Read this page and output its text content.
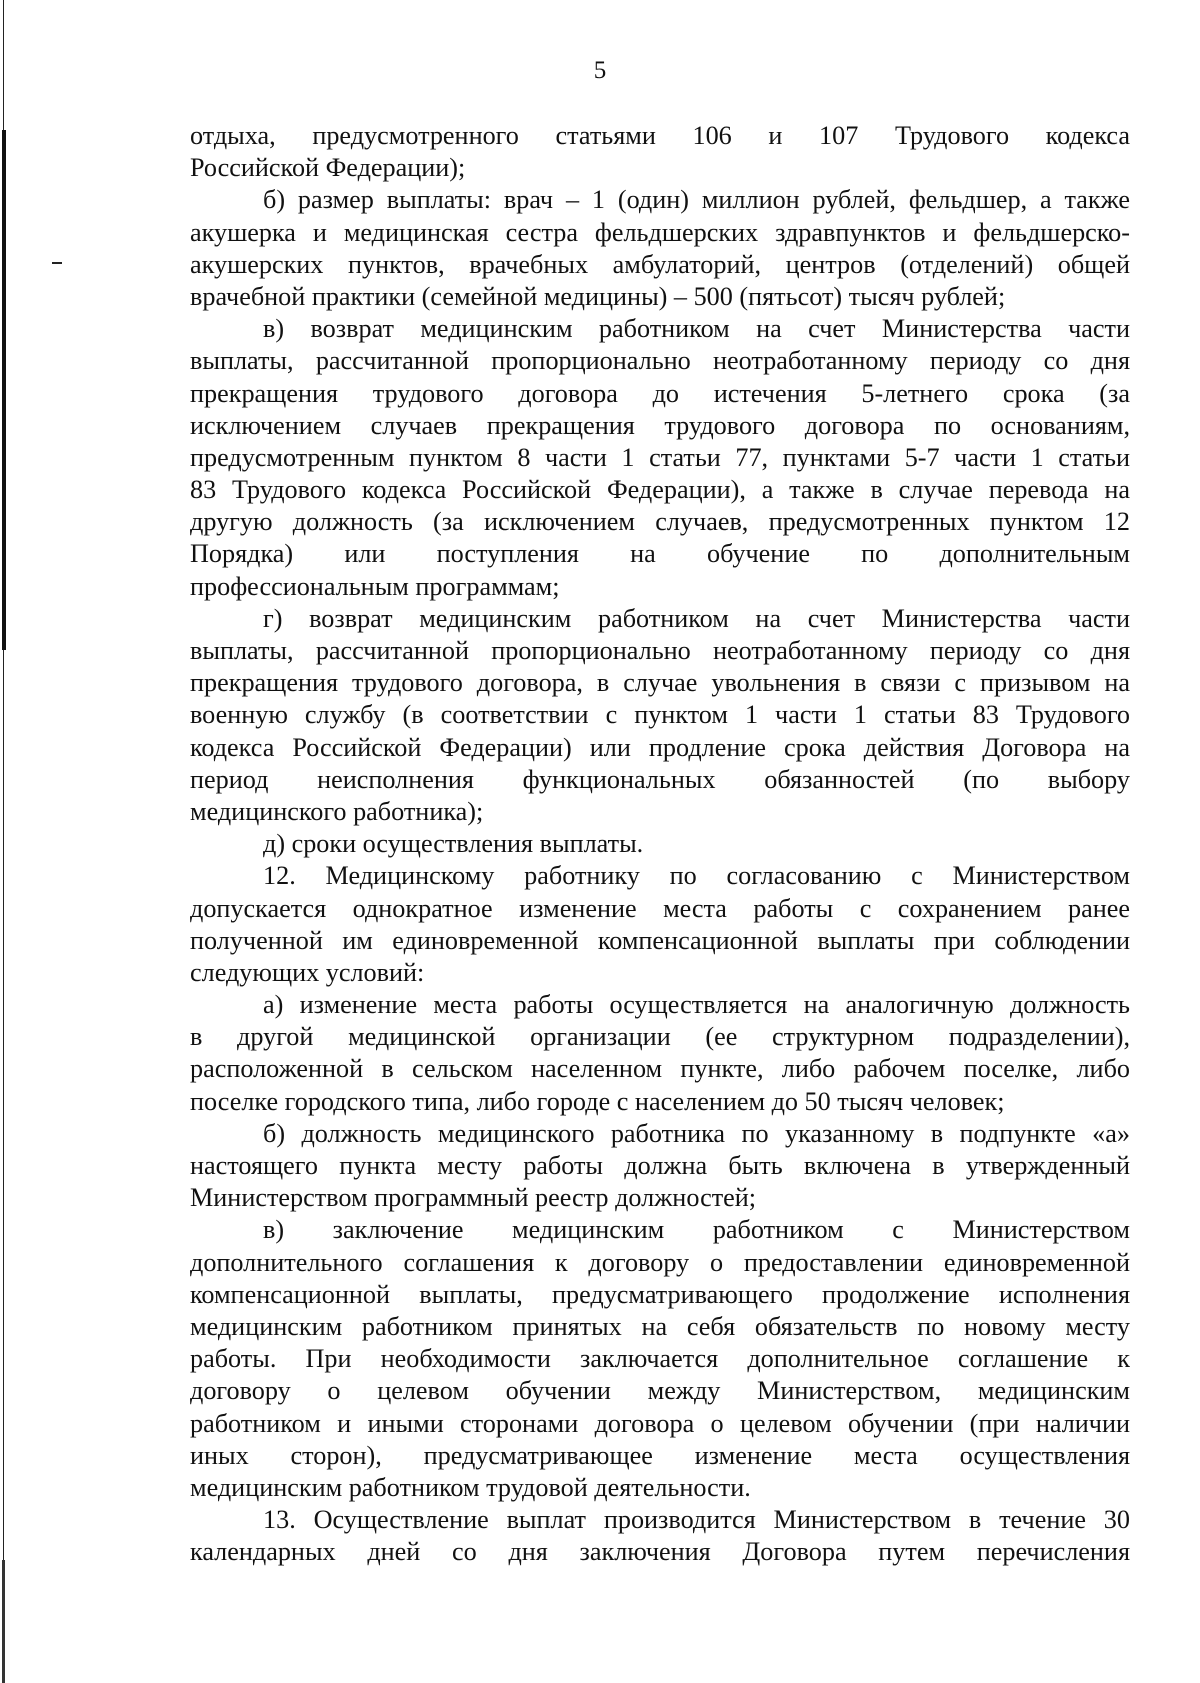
5
отдыха, предусмотренного статьями 106 и 107 Трудового кодекса
Российской Федерации);
б) размер выплаты: врач – 1 (один) миллион рублей, фельдшер, а также
акушерка и медицинская сестра фельдшерских здравпунктов и фельдшерско-
акушерских пунктов, врачебных амбулаторий, центров (отделений) общей
врачебной практики (семейной медицины) – 500 (пятьсот) тысяч рублей;
в) возврат медицинским работником на счет Министерства части
выплаты, рассчитанной пропорционально неотработанному периоду со дня
прекращения трудового договора до истечения 5-летнего срока (за
исключением случаев прекращения трудового договора по основаниям,
предусмотренным пунктом 8 части 1 статьи 77, пунктами 5-7 части 1 статьи
83 Трудового кодекса Российской Федерации), а также в случае перевода на
другую должность (за исключением случаев, предусмотренных пунктом 12
Порядка) или поступления на обучение по дополнительным
профессиональным программам;
г) возврат медицинским работником на счет Министерства части
выплаты, рассчитанной пропорционально неотработанному периоду со дня
прекращения трудового договора, в случае увольнения в связи с призывом на
военную службу (в соответствии с пунктом 1 части 1 статьи 83 Трудового
кодекса Российской Федерации) или продление срока действия Договора на
период неисполнения функциональных обязанностей (по выбору
медицинского работника);
д) сроки осуществления выплаты.
12. Медицинскому работнику по согласованию с Министерством
допускается однократное изменение места работы с сохранением ранее
полученной им единовременной компенсационной выплаты при соблюдении
следующих условий:
а) изменение места работы осуществляется на аналогичную должность
в другой медицинской организации (ее структурном подразделении),
расположенной в сельском населенном пункте, либо рабочем поселке, либо
поселке городского типа, либо городе с населением до 50 тысяч человек;
б) должность медицинского работника по указанному в подпункте «а»
настоящего пункта месту работы должна быть включена в утвержденный
Министерством программный реестр должностей;
в) заключение медицинским работником с Министерством
дополнительного соглашения к договору о предоставлении единовременной
компенсационной выплаты, предусматривающего продолжение исполнения
медицинским работником принятых на себя обязательств по новому месту
работы. При необходимости заключается дополнительное соглашение к
договору о целевом обучении между Министерством, медицинским
работником и иными сторонами договора о целевом обучении (при наличии
иных сторон), предусматривающее изменение места осуществления
медицинским работником трудовой деятельности.
13. Осуществление выплат производится Министерством в течение 30
календарных дней со дня заключения Договора путем перечисления
